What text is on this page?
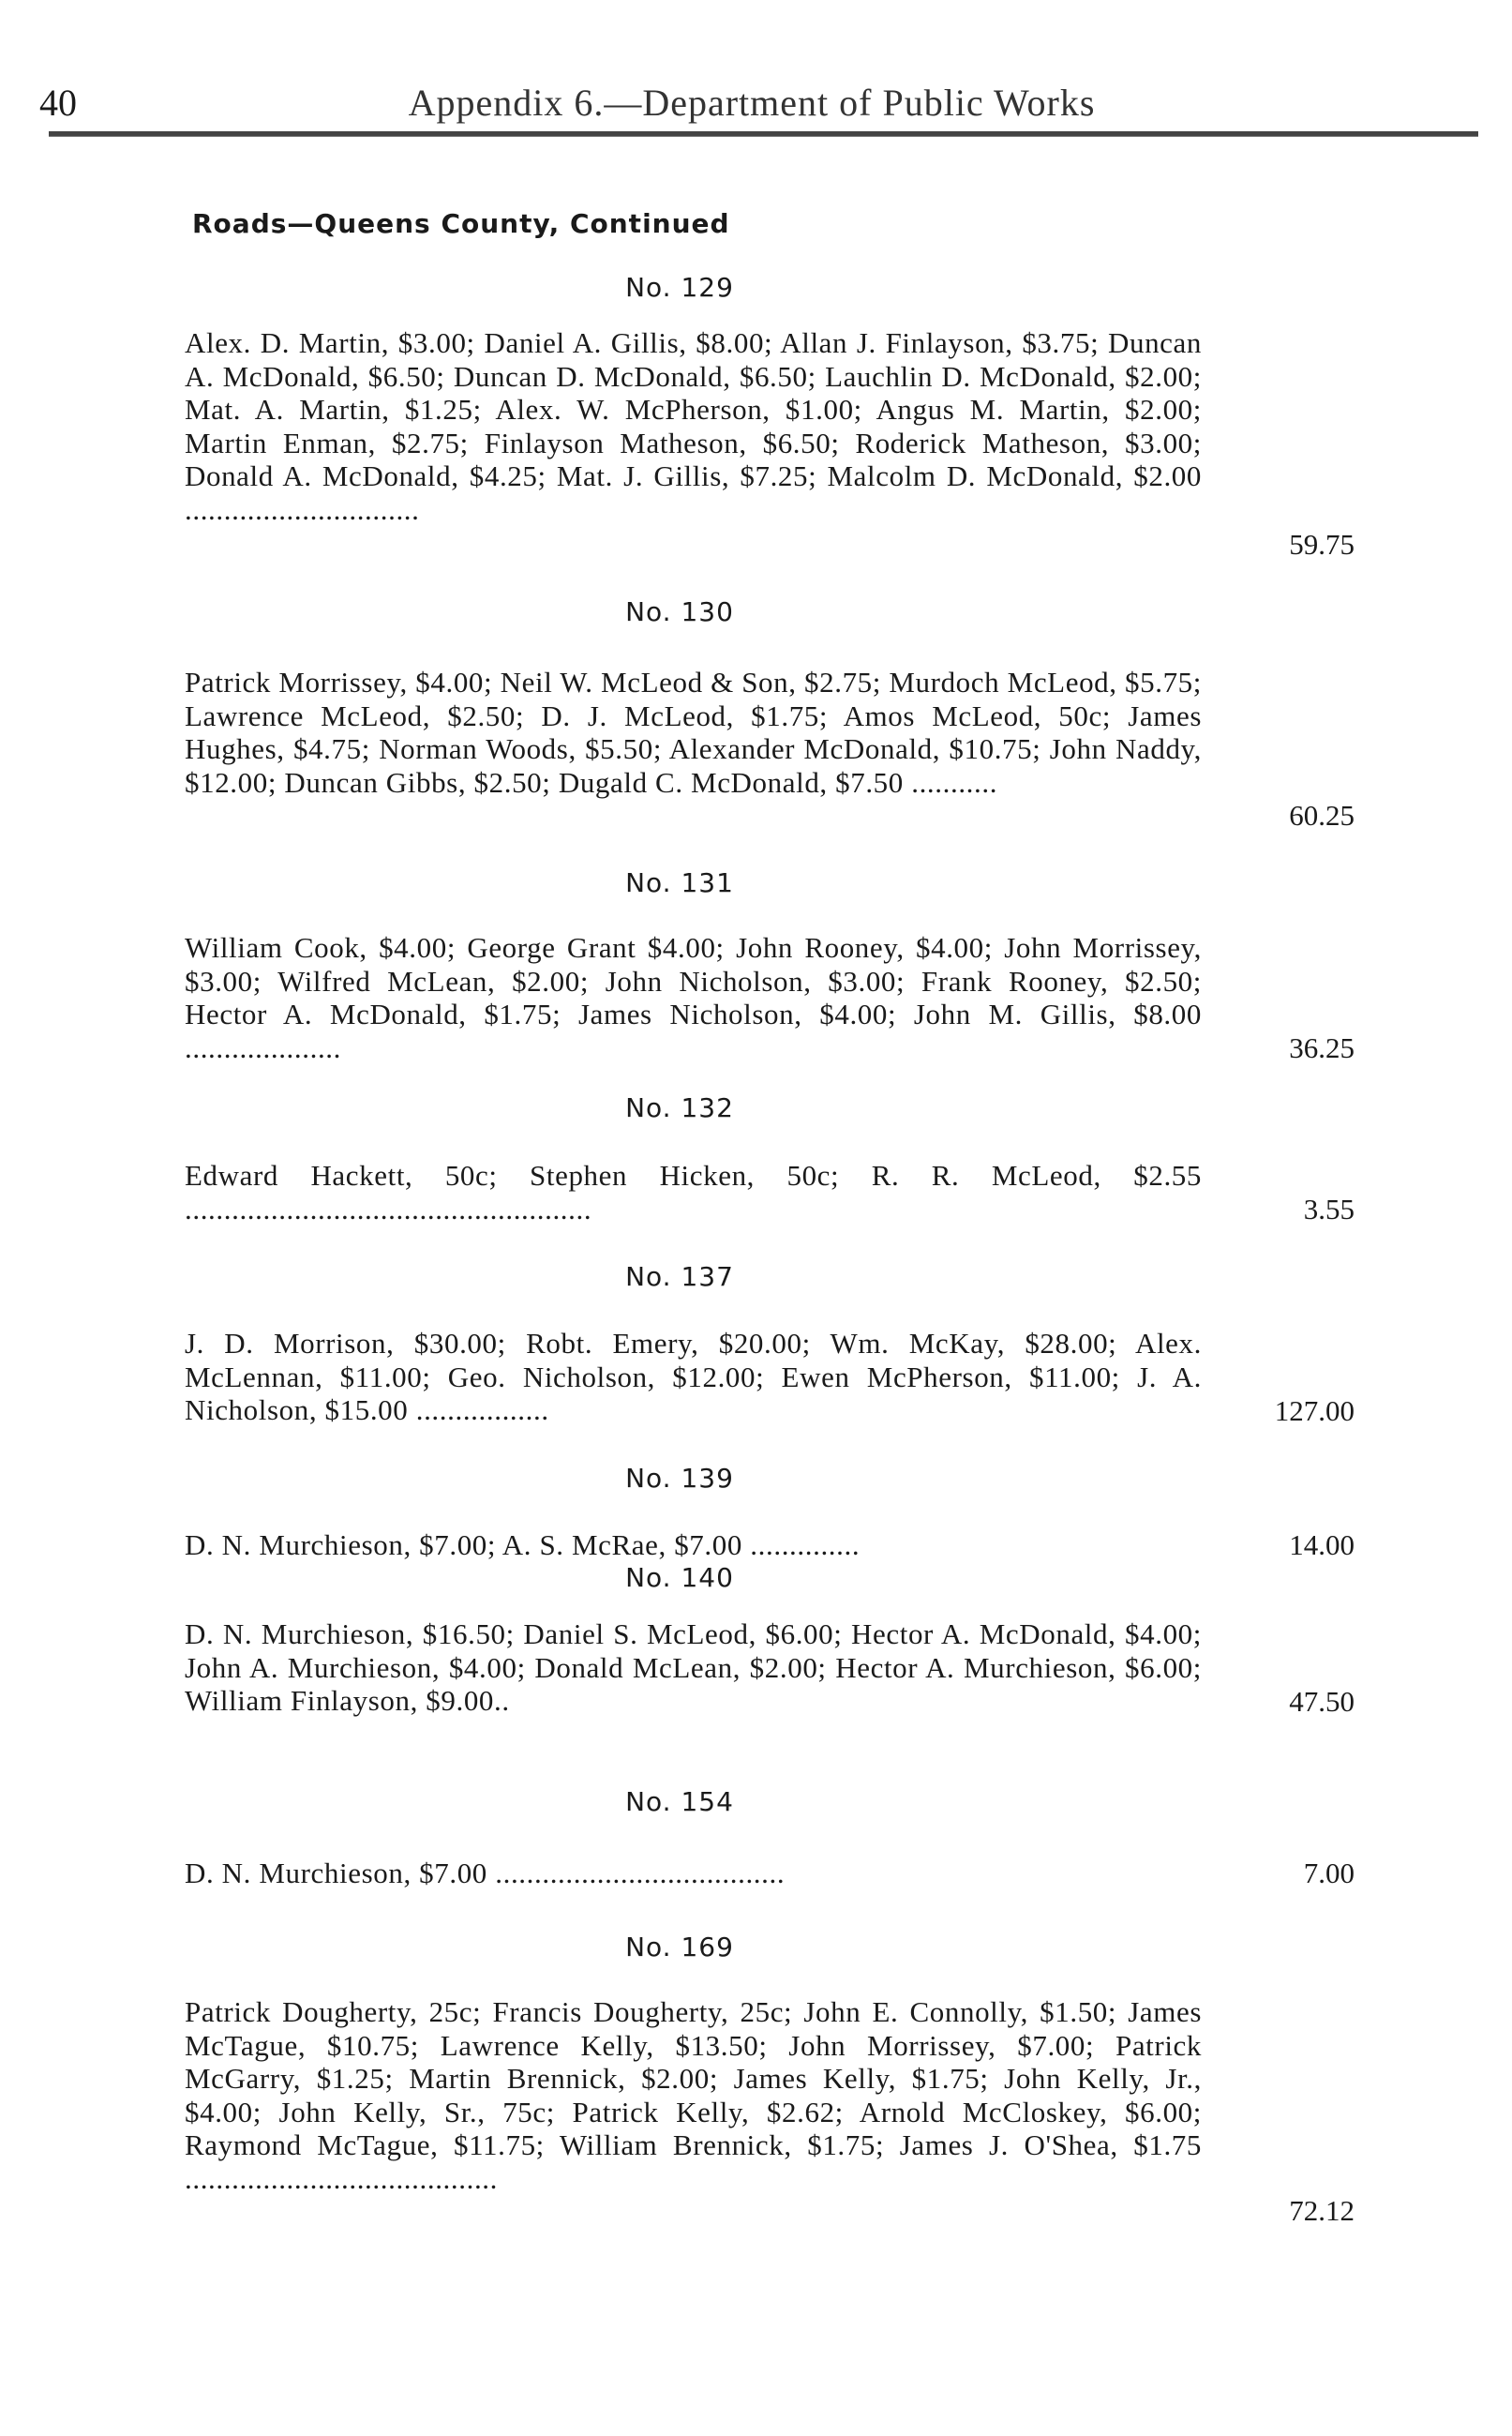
40	Appendix 6.—Department of Public Works
Roads—Queens County, Continued
No. 129
Alex. D. Martin, $3.00; Daniel A. Gillis, $8.00; Allan J. Finlayson, $3.75; Duncan A. McDonald, $6.50; Duncan D. McDonald, $6.50; Lauchlin D. McDonald, $2.00; Mat. A. Martin, $1.25; Alex. W. McPherson, $1.00; Angus M. Martin, $2.00; Martin Enman, $2.75; Finlayson Matheson, $6.50; Roderick Matheson, $3.00; Donald A. McDonald, $4.25; Mat. J. Gillis, $7.25; Malcolm D. McDonald, $2.00 ..............................
59.75
No. 130
Patrick Morrissey, $4.00; Neil W. McLeod & Son, $2.75; Murdoch McLeod, $5.75; Lawrence McLeod, $2.50; D. J. McLeod, $1.75; Amos McLeod, 50c; James Hughes, $4.75; Norman Woods, $5.50; Alexander McDonald, $10.75; John Naddy, $12.00; Duncan Gibbs, $2.50; Dugald C. McDonald, $7.50 ...........
60.25
No. 131
William Cook, $4.00; George Grant $4.00; John Rooney, $4.00; John Morrissey, $3.00; Wilfred McLean, $2.00; John Nicholson, $3.00; Frank Rooney, $2.50; Hector A. McDonald, $1.75; James Nicholson, $4.00; John M. Gillis, $8.00 ....................	36.25
No. 132
Edward Hackett, 50c; Stephen Hicken, 50c; R. R. McLeod, $2.55 ....................................................	3.55
No. 137
J. D. Morrison, $30.00; Robt. Emery, $20.00; Wm. McKay, $28.00; Alex. McLennan, $11.00; Geo. Nicholson, $12.00; Ewen McPherson, $11.00; J. A. Nicholson, $15.00 .................	127.00
No. 139
D. N. Murchieson, $7.00; A. S. McRae, $7.00 ..............	14.00
No. 140
D. N. Murchieson, $16.50; Daniel S. McLeod, $6.00; Hector A. McDonald, $4.00; John A. Murchieson, $4.00; Donald McLean, $2.00; Hector A. Murchieson, $6.00; William Finlayson, $9.00..	47.50
No. 154
D. N. Murchieson, $7.00 .....................................	7.00
No. 169
Patrick Dougherty, 25c; Francis Dougherty, 25c; John E. Connolly, $1.50; James McTague, $10.75; Lawrence Kelly, $13.50; John Morrissey, $7.00; Patrick McGarry, $1.25; Martin Brennick, $2.00; James Kelly, $1.75; John Kelly, Jr., $4.00; John Kelly, Sr., 75c; Patrick Kelly, $2.62; Arnold McCloskey, $6.00; Raymond McTague, $11.75; William Brennick, $1.75; James J. O'Shea, $1.75 ........................................
72.12
